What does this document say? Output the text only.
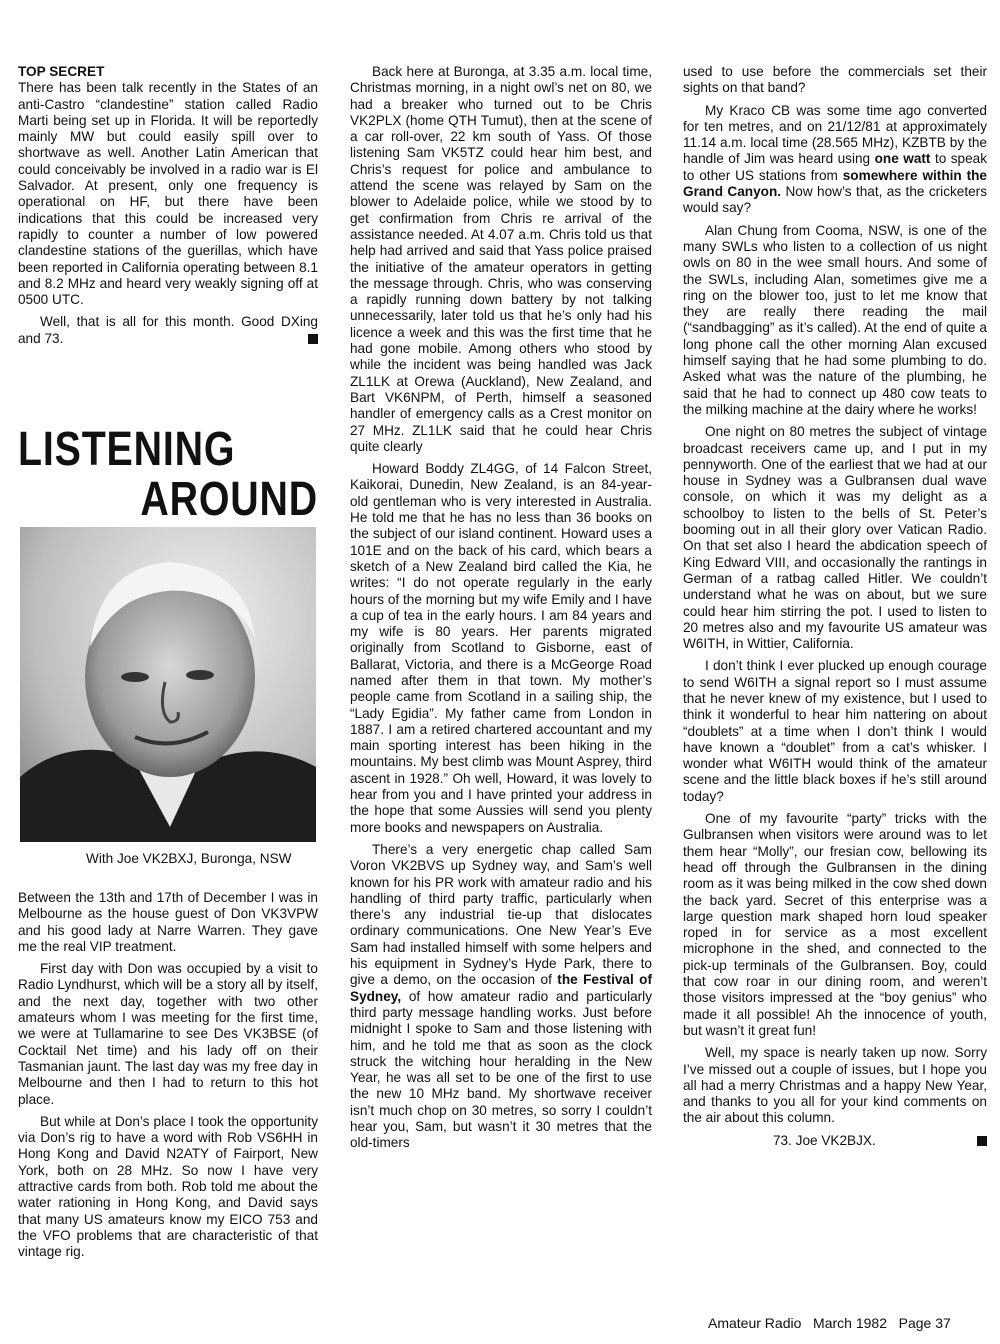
TOP SECRET

There has been talk recently in the States of an anti-Castro “clandestine” station called Radio Marti being set up in Florida. It will be reportedly mainly MW but could easily spill over to shortwave as well. Another Latin American that could conceivably be involved in a radio war is El Salvador. At present, only one frequency is operational on HF, but there have been indications that this could be increased very rapidly to counter a number of low powered clandestine stations of the guerillas, which have been reported in California operating between 8.1 and 8.2 MHz and heard very weakly signing off at 0500 UTC.

Well, that is all for this month. Good DXing and 73.

LISTENING
AROUND
With Joe VK2BXJ, Buronga, NSW

Between the 13th and 17th of December I was in Melbourne as the house guest of Don VK3VPW and his good lady at Narre Warren. They gave me the real VIP treatment.

First day with Don was occupied by a visit to Radio Lyndhurst, which will be a story all by itself, and the next day, together with two other amateurs whom I was meeting for the first time, we were at Tullamarine to see Des VK3BSE (of Cocktail Net time) and his lady off on their Tasmanian jaunt. The last day was my free day in Melbourne and then I had to return to this hot place.

But while at Don’s place I took the opportunity via Don’s rig to have a word with Rob VS6HH in Hong Kong and David N2ATY of Fairport, New York, both on 28 MHz. So now I have very attractive cards from both. Rob told me about the water rationing in Hong Kong, and David says that many US amateurs know my EICO 753 and the VFO problems that are characteristic of that vintage rig.

Back here at Buronga, at 3.35 a.m. local time, Christmas morning, in a night owl’s net on 80, we had a breaker who turned out to be Chris VK2PLX (home QTH Tumut), then at the scene of a car roll-over, 22 km south of Yass. Of those listening Sam VK5TZ could hear him best, and Chris’s request for police and ambulance to attend the scene was relayed by Sam on the blower to Adelaide police, while we stood by to get confirmation from Chris re arrival of the assistance needed. At 4.07 a.m. Chris told us that help had arrived and said that Yass police praised the initiative of the amateur operators in getting the message through. Chris, who was conserving a rapidly running down battery by not talking unnecessarily, later told us that he’s only had his licence a week and this was the first time that he had gone mobile. Among others who stood by while the incident was being handled was Jack ZL1LK at Orewa (Auckland), New Zealand, and Bart VK6NPM, of Perth, himself a seasoned handler of emergency calls as a Crest monitor on 27 MHz. ZL1LK said that he could hear Chris quite clearly

Howard Boddy ZL4GG, of 14 Falcon Street, Kaikorai, Dunedin, New Zealand, is an 84-year-old gentleman who is very interested in Australia. He told me that he has no less than 36 books on the subject of our island continent. Howard uses a 101E and on the back of his card, which bears a sketch of a New Zealand bird called the Kia, he writes: “I do not operate regularly in the early hours of the morning but my wife Emily and I have a cup of tea in the early hours. I am 84 years and my wife is 80 years. Her parents migrated originally from Scotland to Gisborne, east of Ballarat, Victoria, and there is a McGeorge Road named after them in that town. My mother’s people came from Scotland in a sailing ship, the “Lady Egidia”. My father came from London in 1887. I am a retired chartered accountant and my main sporting interest has been hiking in the mountains. My best climb was Mount Asprey, third ascent in 1928.” Oh well, Howard, it was lovely to hear from you and I have printed your address in the hope that some Aussies will send you plenty more books and newspapers on Australia.

There’s a very energetic chap called Sam Voron VK2BVS up Sydney way, and Sam’s well known for his PR work with amateur radio and his handling of third party traffic, particularly when there’s any industrial tie-up that dislocates ordinary communications. One New Year’s Eve Sam had installed himself with some helpers and his equipment in Sydney’s Hyde Park, there to give a demo, on the occasion of the Festival of Sydney, of how amateur radio and particularly third party message handling works. Just before midnight I spoke to Sam and those listening with him, and he told me that as soon as the clock struck the witching hour heralding in the New Year, he was all set to be one of the first to use the new 10 MHz band. My shortwave receiver isn’t much chop on 30 metres, so sorry I couldn’t hear you, Sam, but wasn’t it 30 metres that the old-timers

used to use before the commercials set their sights on that band?

My Kraco CB was some time ago converted for ten metres, and on 21/12/81 at approximately 11.14 a.m. local time (28.565 MHz), KZBTB by the handle of Jim was heard using one watt to speak to other US stations from somewhere within the Grand Canyon. Now how’s that, as the cricketers would say?

Alan Chung from Cooma, NSW, is one of the many SWLs who listen to a collection of us night owls on 80 in the wee small hours. And some of the SWLs, including Alan, sometimes give me a ring on the blower too, just to let me know that they are really there reading the mail (“sandbagging” as it’s called). At the end of quite a long phone call the other morning Alan excused himself saying that he had some plumbing to do. Asked what was the nature of the plumbing, he said that he had to connect up 480 cow teats to the milking machine at the dairy where he works!

One night on 80 metres the subject of vintage broadcast receivers came up, and I put in my pennyworth. One of the earliest that we had at our house in Sydney was a Gulbransen dual wave console, on which it was my delight as a schoolboy to listen to the bells of St. Peter’s booming out in all their glory over Vatican Radio. On that set also I heard the abdication speech of King Edward VIII, and occasionally the rantings in German of a ratbag called Hitler. We couldn’t understand what he was on about, but we sure could hear him stirring the pot. I used to listen to 20 metres also and my favourite US amateur was W6ITH, in Wittier, California.

I don’t think I ever plucked up enough courage to send W6ITH a signal report so I must assume that he never knew of my existence, but I used to think it wonderful to hear him nattering on about “doublets” at a time when I don’t think I would have known a “doublet” from a cat’s whisker. I wonder what W6ITH would think of the amateur scene and the little black boxes if he’s still around today?

One of my favourite “party” tricks with the Gulbransen when visitors were around was to let them hear “Molly”, our fresian cow, bellowing its head off through the Gulbransen in the dining room as it was being milked in the cow shed down the back yard. Secret of this enterprise was a large question mark shaped horn loud speaker roped in for service as a most excellent microphone in the shed, and connected to the pick-up terminals of the Gulbransen. Boy, could that cow roar in our dining room, and weren’t those visitors impressed at the “boy genius” who made it all possible! Ah the innocence of youth, but wasn’t it great fun!

Well, my space is nearly taken up now. Sorry I’ve missed out a couple of issues, but I hope you all had a merry Christmas and a happy New Year, and thanks to you all for your kind comments on the air about this column.

73. Joe VK2BJX.

Amateur Radio   March 1982   Page 37
